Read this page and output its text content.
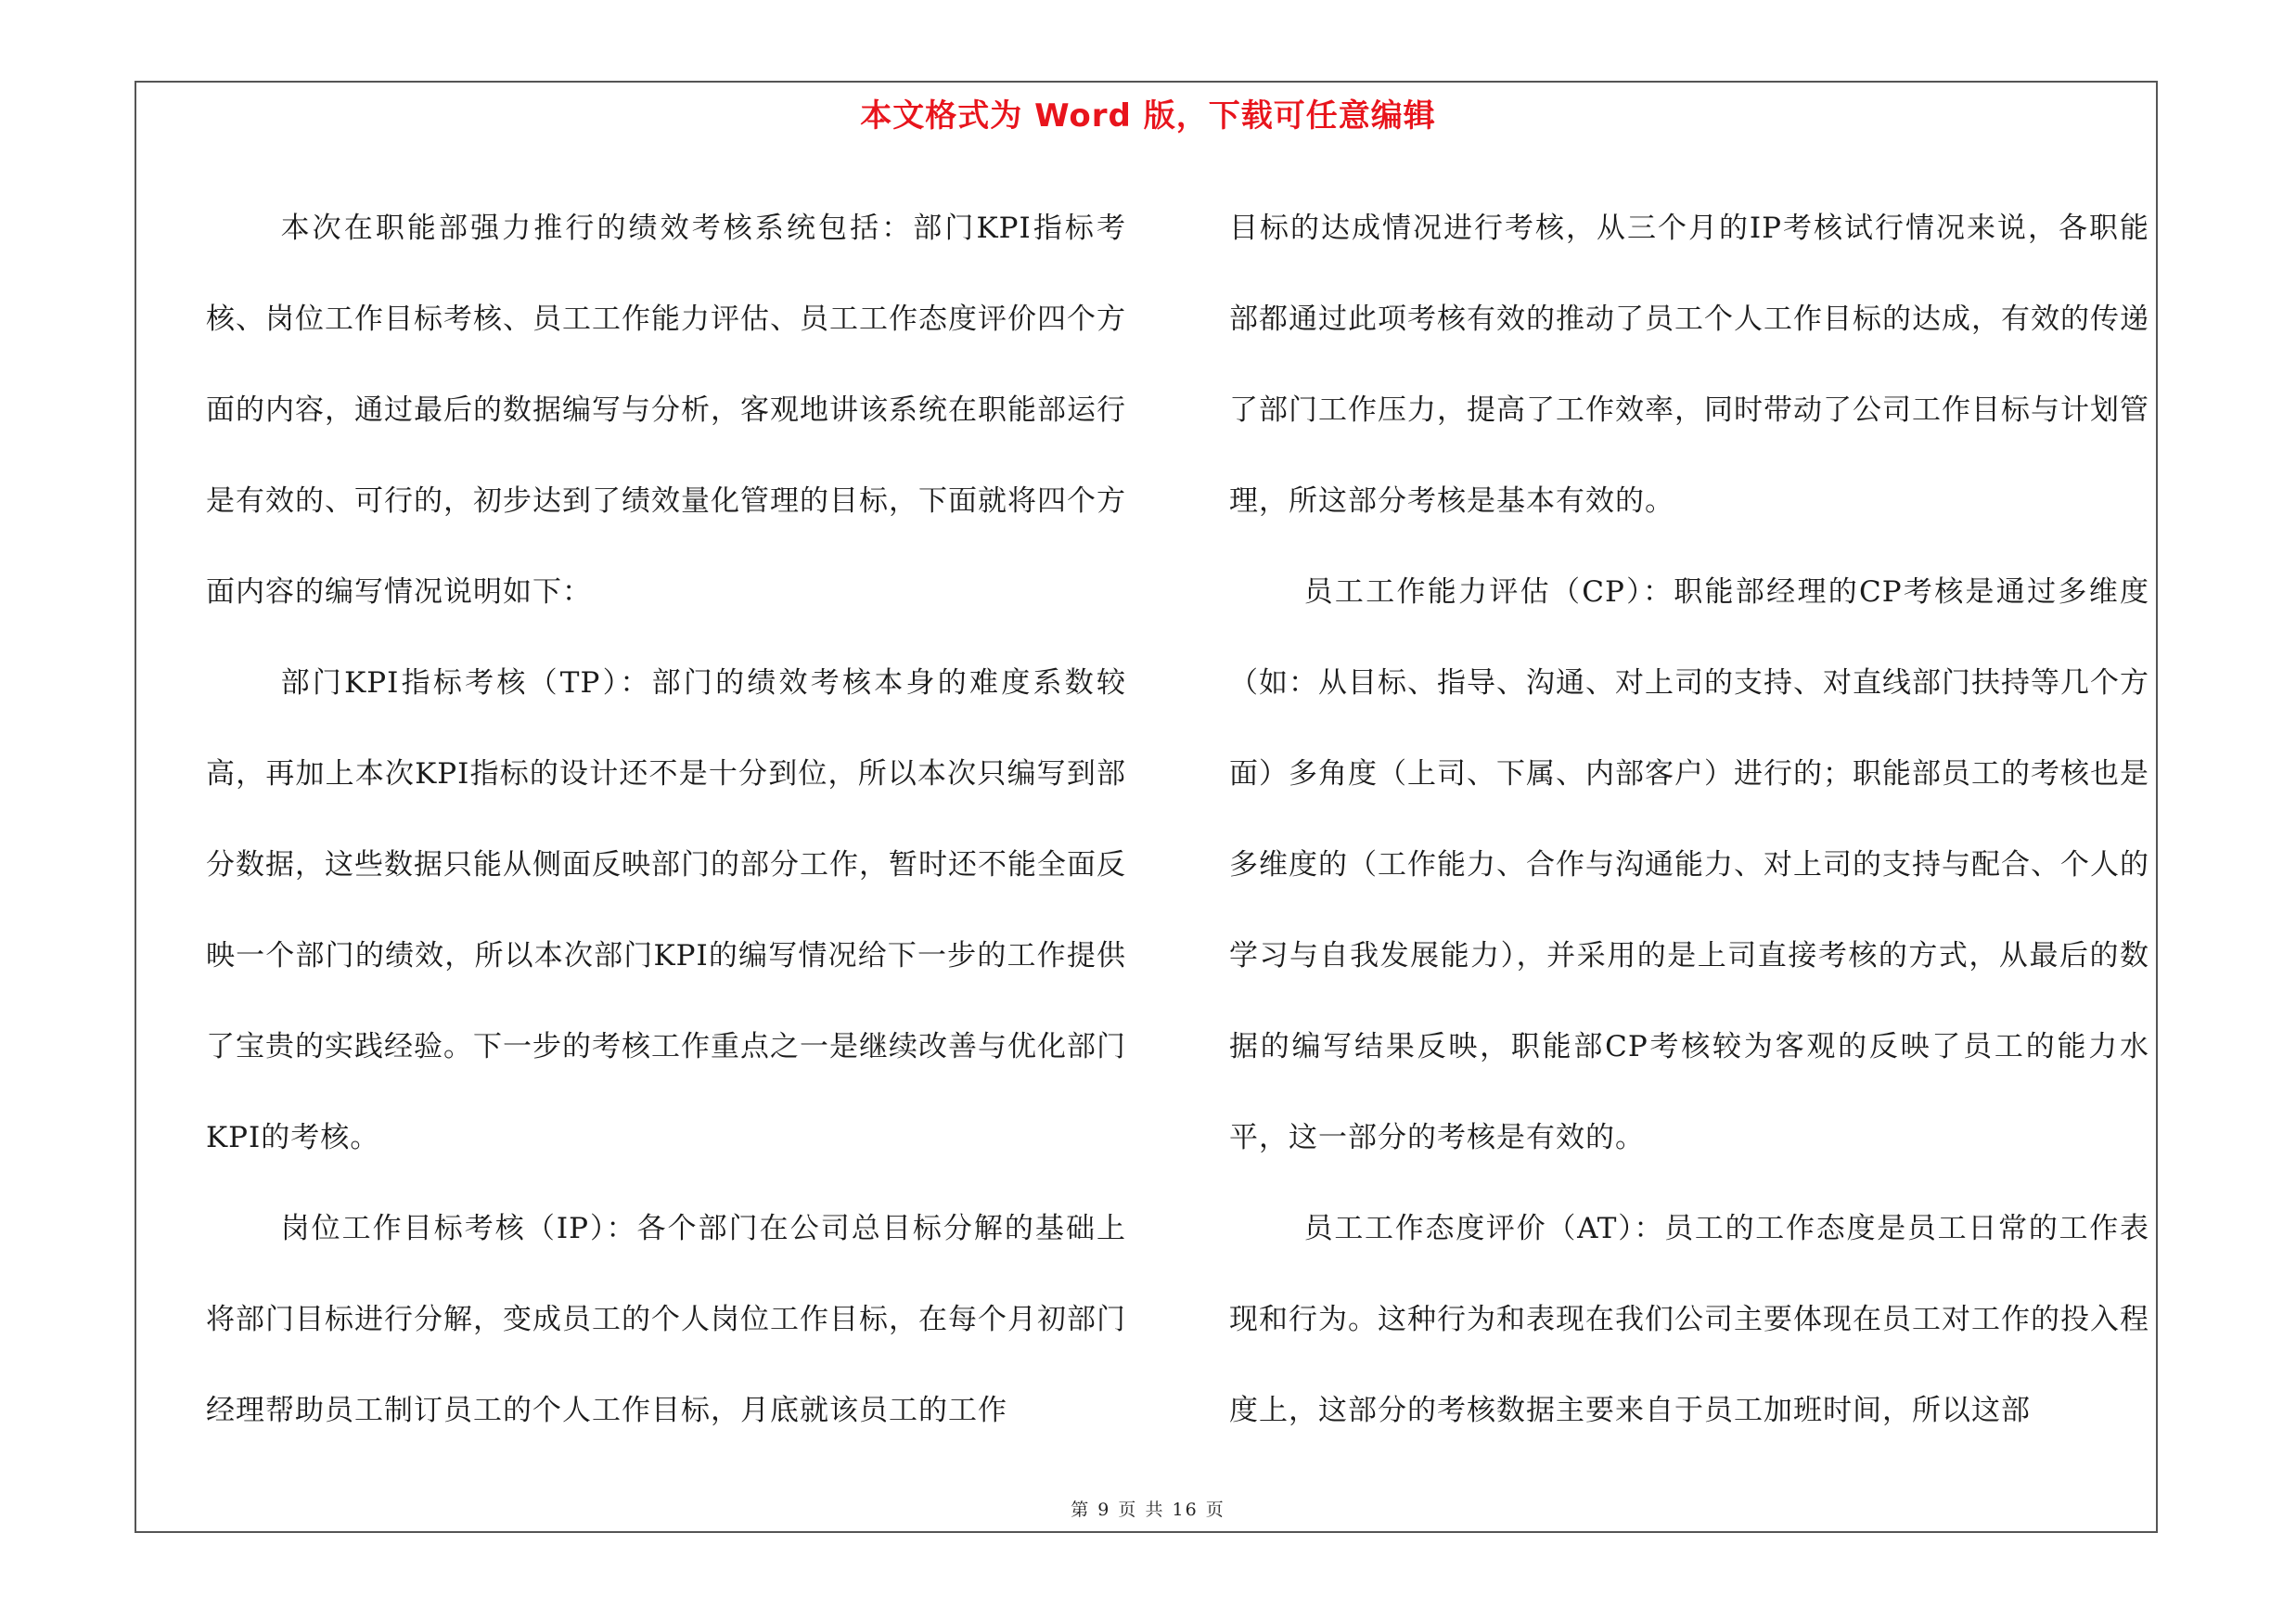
本文格式为 Word 版，下载可任意编辑

本次在职能部强力推行的绩效考核系统包括：部门KPI指标考核、岗位工作目标考核、员工工作能力评估、员工工作态度评价四个方面的内容，通过最后的数据编写与分析，客观地讲该系统在职能部运行是有效的、可行的，初步达到了绩效量化管理的目标，下面就将四个方面内容的编写情况说明如下：

部门KPI指标考核（TP）：部门的绩效考核本身的难度系数较高，再加上本次KPI指标的设计还不是十分到位，所以本次只编写到部分数据，这些数据只能从侧面反映部门的部分工作，暂时还不能全面反映一个部门的绩效，所以本次部门KPI的编写情况给下一步的工作提供了宝贵的实践经验。下一步的考核工作重点之一是继续改善与优化部门KPI的考核。

岗位工作目标考核（IP）：各个部门在公司总目标分解的基础上将部门目标进行分解，变成员工的个人岗位工作目标，在每个月初部门经理帮助员工制订员工的个人工作目标，月底就该员工的工作

目标的达成情况进行考核，从三个月的IP考核试行情况来说，各职能部都通过此项考核有效的推动了员工个人工作目标的达成，有效的传递了部门工作压力，提高了工作效率，同时带动了公司工作目标与计划管理，所这部分考核是基本有效的。

员工工作能力评估（CP）：职能部经理的CP考核是通过多维度（如：从目标、指导、沟通、对上司的支持、对直线部门扶持等几个方面）多角度（上司、下属、内部客户）进行的；职能部员工的考核也是多维度的（工作能力、合作与沟通能力、对上司的支持与配合、个人的学习与自我发展能力），并采用的是上司直接考核的方式，从最后的数据的编写结果反映，职能部CP考核较为客观的反映了员工的能力水平，这一部分的考核是有效的。

员工工作态度评价（AT）：员工的工作态度是员工日常的工作表现和行为。这种行为和表现在我们公司主要体现在员工对工作的投入程度上，这部分的考核数据主要来自于员工加班时间，所以这部

第 9 页 共 16 页
